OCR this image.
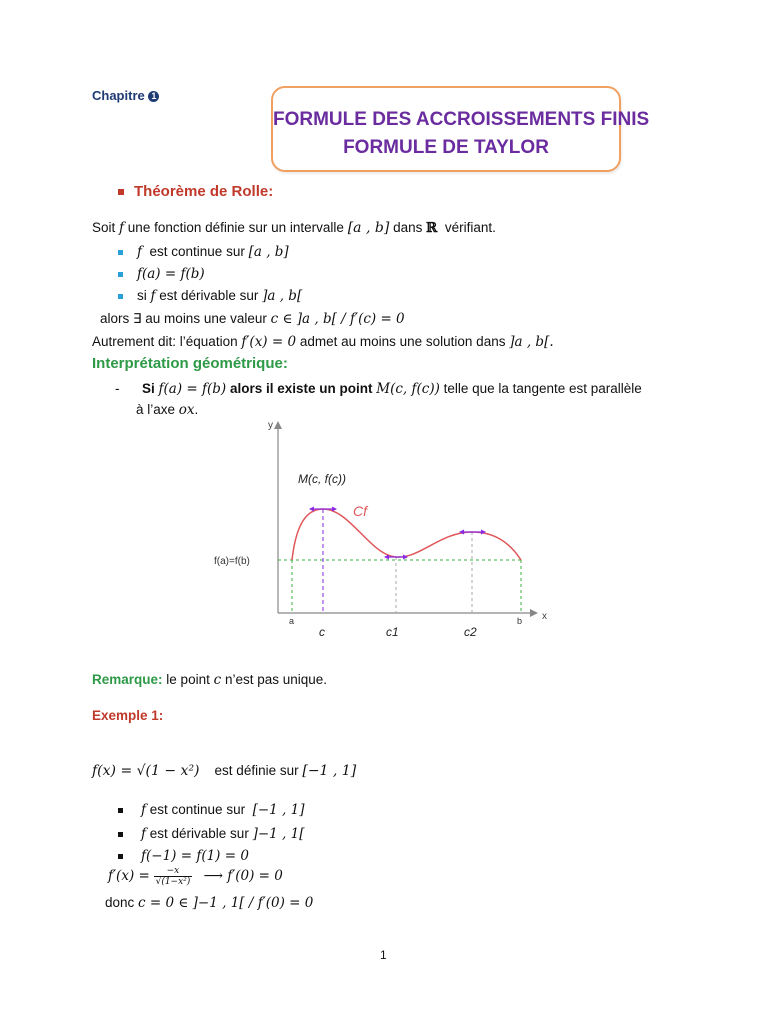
Chapitre 1
FORMULE DES ACCROISSEMENTS FINIS
FORMULE DE TAYLOR
Théorème de Rolle:
Soit f une fonction définie sur un intervalle [a , b] dans ℝ vérifiant.
f est continue sur [a , b]
f(a) = f(b)
si f est dérivable sur ]a , b[
alors ∃ au moins une valeur c ∈ ]a , b[ / f′(c) = 0
Autrement dit: l’équation f′(x) = 0 admet au moins une solution dans ]a , b[.
Interprétation géométrique:
- Si f(a) = f(b) alors il existe un point M(c, f(c)) telle que la tangente est parallèle
à l’axe ox.
y
x
f(a)=f(b)
M(c, f(c))
Cf
a	b
c	c1	c2
Remarque: le point c n’est pas unique.
Exemple 1:
f(x) = √(1 − x²) est définie sur [−1 , 1]
f est continue sur [−1 , 1]
f est dérivable sur ]−1 , 1[
f(−1) = f(1) = 0
$f'(x) = \frac{-x}{\text{√(1−x²)}}$ ⟶ f′(0) = 0
donc c = 0 ∈ ]−1 , 1[ / f′(0) = 0
1
